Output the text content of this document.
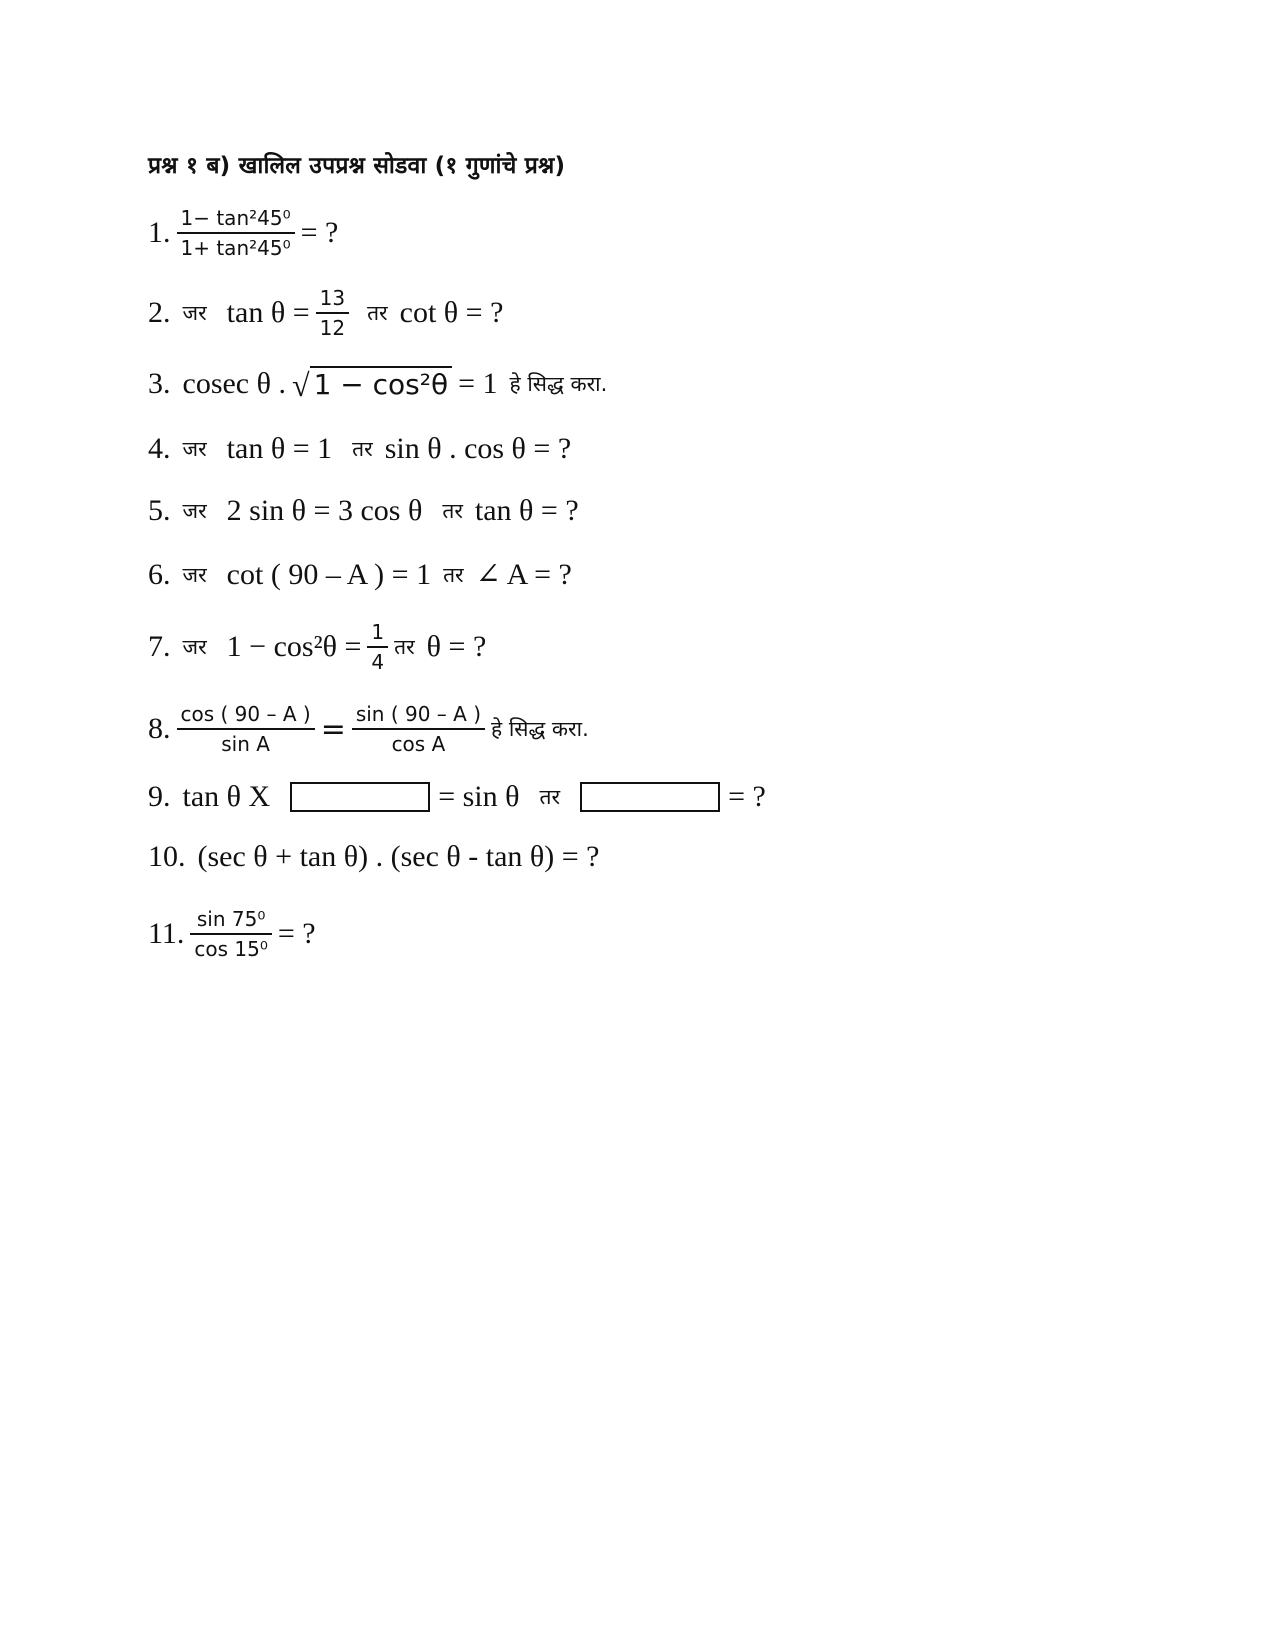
प्रश्न १ ब) खालिल उपप्रश्न सोडवा (१ गुणांचे प्रश्न)
1. $\frac{\text{1− tan²45⁰}}{\text{1+ tan²45⁰}}$ = ?
2. जर $\tan \theta = \frac{13}{12}$ तर cot θ = ?
3. cosec θ . √ 1 − cos²θ = 1 हे सिद्ध करा.
4. जर tan θ = 1 तर sin θ . cos θ = ?
5. जर 2 sin θ = 3 cos θ तर tan θ = ?
6. जर cot ( 90 – A ) = 1 तर ∠ A = ?
7. जर $1 - \cos^2\theta = \frac{1}{4}$ तर θ = ?
8. $\frac{\cos ( 90 - A )}{\text{sin A}} = \frac{\sin ( 90 - A )}{\text{cos A}}$ हे सिद्ध करा.
9. tan θ X	= sin θ तर	= ?
10. (sec θ + tan θ) . (sec θ - tan θ) = ?
11. $\frac{\text{sin 75⁰}}{\text{cos 15⁰}}$ = ?
